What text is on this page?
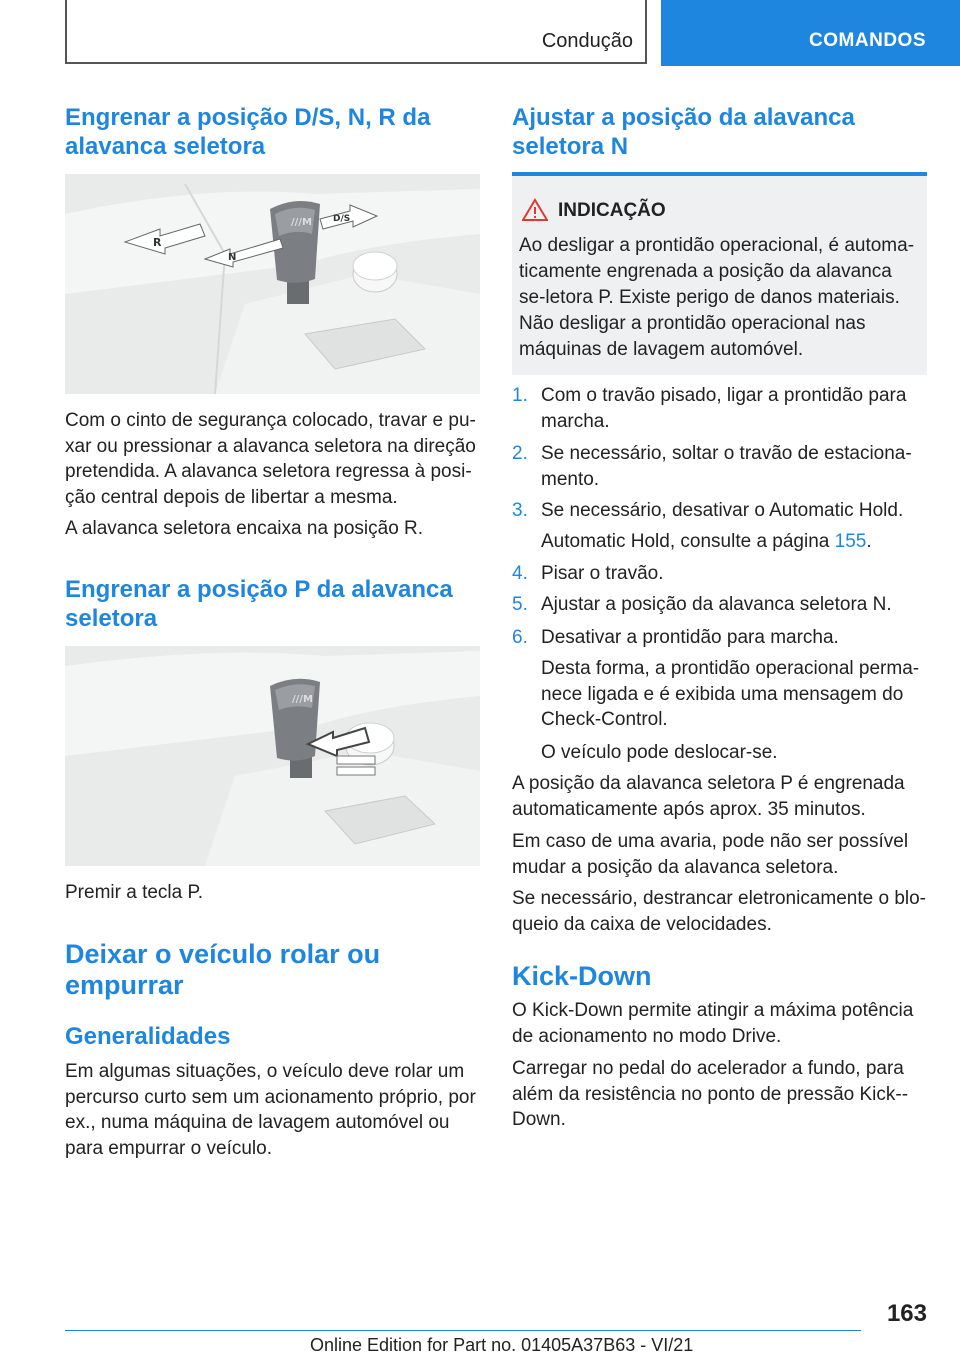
Condução	COMANDOS
Engrenar a posição D/S, N, R da alavanca seletora
///M
R
N
D/S

Com o cinto de segurança colocado, travar e pu-xar ou pressionar a alavanca seletora na direção pretendida. A alavanca seletora regressa à posi-ção central depois de libertar a mesma.

A alavanca seletora encaixa na posição R.

Engrenar a posição P da alavanca seletora
///M

Premir a tecla P.

Deixar o veículo rolar ou empurrar
Generalidades

Em algumas situações, o veículo deve rolar um percurso curto sem um acionamento próprio, por ex., numa máquina de lavagem automóvel ou para empurrar o veículo.

Ajustar a posição da alavanca seletora N
INDICAÇÃO
Ao desligar a prontidão operacional, é automa-ticamente engrenada a posição da alavanca se-letora P. Existe perigo de danos materiais. Não desligar a prontidão operacional nas máquinas de lavagem automóvel.
1. Com o travão pisado, ligar a prontidão para marcha.
2. Se necessário, soltar o travão de estaciona-mento.
3. Se necessário, desativar o Automatic Hold.
Automatic Hold, consulte a página 155.
4. Pisar o travão.
5. Ajustar a posição da alavanca seletora N.
6. Desativar a prontidão para marcha.
Desta forma, a prontidão operacional perma-nece ligada e é exibida uma mensagem do Check-Control.
O veículo pode deslocar-se.

A posição da alavanca seletora P é engrenada automaticamente após aprox. 35 minutos.

Em caso de uma avaria, pode não ser possível mudar a posição da alavanca seletora.

Se necessário, destrancar eletronicamente o blo-queio da caixa de velocidades.

Kick-Down

O Kick-Down permite atingir a máxima potência de acionamento no modo Drive.

Carregar no pedal do acelerador a fundo, para além da resistência no ponto de pressão Kick--Down.

163
Online Edition for Part no. 01405A37B63 - VI/21
